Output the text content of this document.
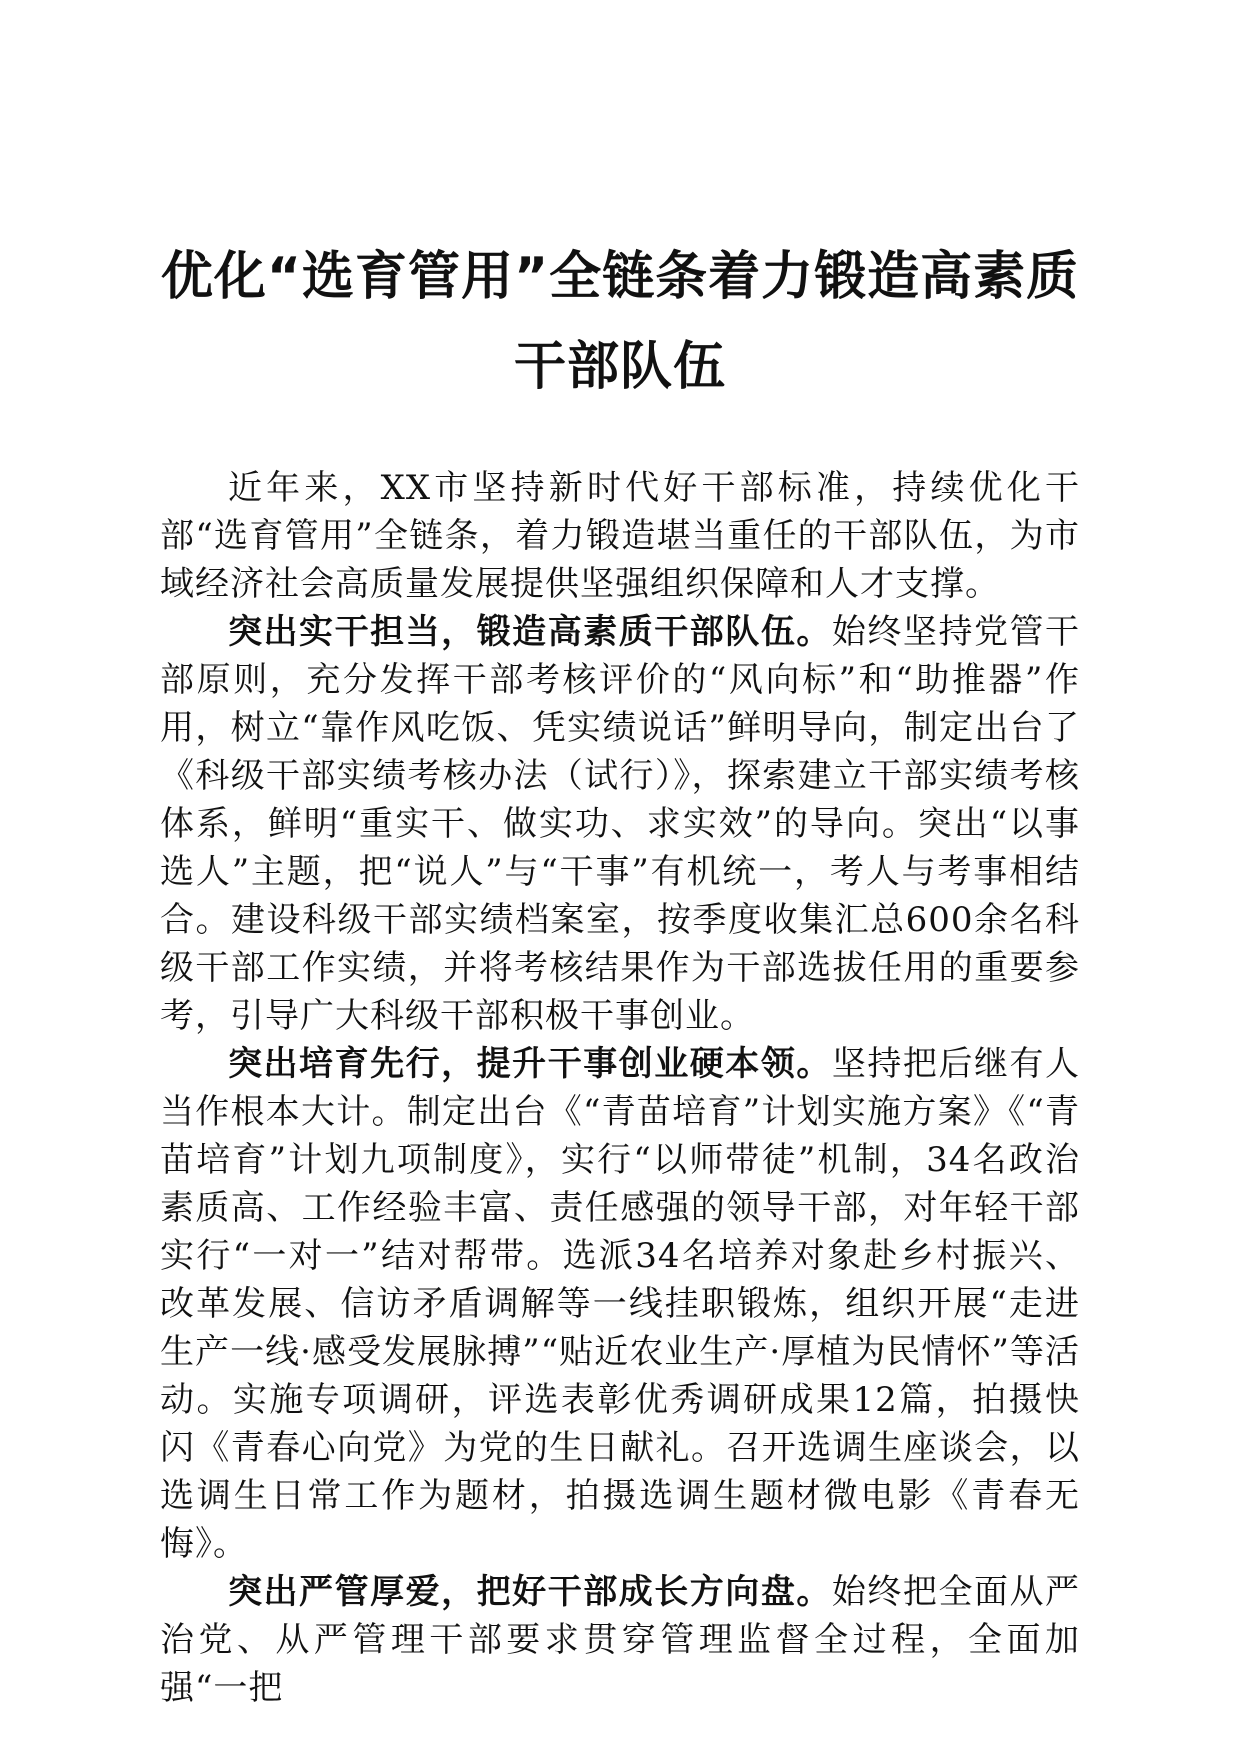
优化“选育管用”全链条着力锻造高素质干部队伍

近年来，XX市坚持新时代好干部标准，持续优化干部“选育管用”全链条，着力锻造堪当重任的干部队伍，为市域经济社会高质量发展提供坚强组织保障和人才支撑。

突出实干担当，锻造高素质干部队伍。始终坚持党管干部原则，充分发挥干部考核评价的“风向标”和“助推器”作用，树立“靠作风吃饭、凭实绩说话”鲜明导向，制定出台了《科级干部实绩考核办法（试行）》，探索建立干部实绩考核体系，鲜明“重实干、做实功、求实效”的导向。突出“以事选人”主题，把“说人”与“干事”有机统一，考人与考事相结合。建设科级干部实绩档案室，按季度收集汇总600余名科级干部工作实绩，并将考核结果作为干部选拔任用的重要参考，引导广大科级干部积极干事创业。

突出培育先行，提升干事创业硬本领。坚持把后继有人当作根本大计。制定出台《“青苗培育”计划实施方案》《“青苗培育”计划九项制度》，实行“以师带徒”机制，34名政治素质高、工作经验丰富、责任感强的领导干部，对年轻干部实行“一对一”结对帮带。选派34名培养对象赴乡村振兴、改革发展、信访矛盾调解等一线挂职锻炼，组织开展“走进生产一线·感受发展脉搏”“贴近农业生产·厚植为民情怀”等活动。实施专项调研，评选表彰优秀调研成果12篇，拍摄快闪《青春心向党》为党的生日献礼。召开选调生座谈会，以选调生日常工作为题材，拍摄选调生题材微电影《青春无悔》。

突出严管厚爱，把好干部成长方向盘。始终把全面从严治党、从严管理干部要求贯穿管理监督全过程，全面加强“一把
